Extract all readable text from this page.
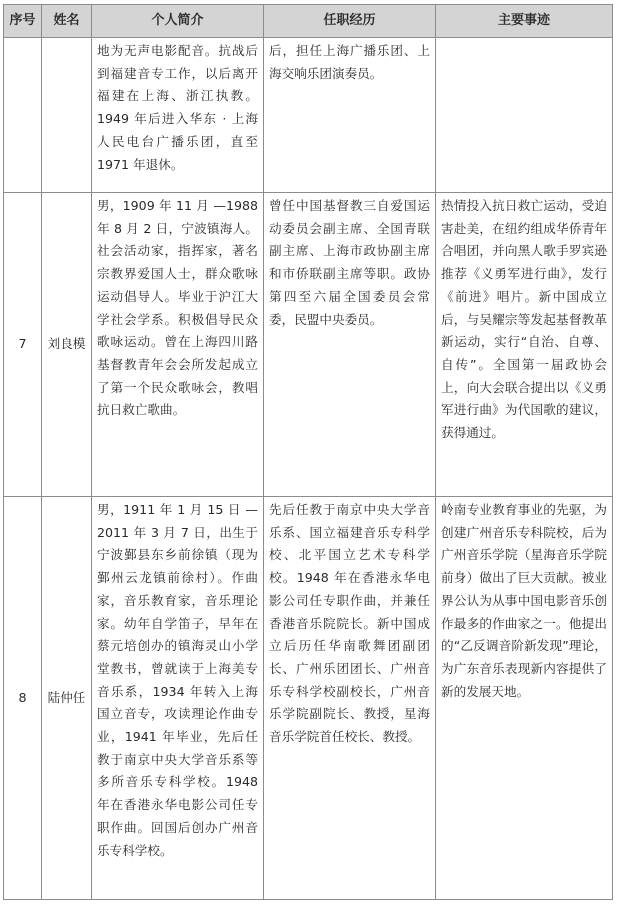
序号	姓名	个人简介	任职经历	主要事迹
		地为无声电影配音。抗战后到福建音专工作，以后离开福建在上海、浙江执教。1949 年后进入华东 · 上海人民电台广播乐团，直至 1971 年退休。	后，担任上海广播乐团、上海交响乐团演奏员。	
7	刘良模	男，1909 年 11 月 —1988 年 8 月 2 日，宁波镇海人。社会活动家，指挥家，著名宗教界爱国人士，群众歌咏运动倡导人。毕业于沪江大学社会学系。积极倡导民众歌咏运动。曾在上海四川路基督教青年会会所发起成立了第一个民众歌咏会，教唱抗日救亡歌曲。	曾任中国基督教三自爱国运动委员会副主席、全国青联副主席、上海市政协副主席和市侨联副主席等职。政协第四至六届全国委员会常委，民盟中央委员。	热情投入抗日救亡运动，受迫害赴美，在纽约组成华侨青年合唱团，并向黑人歌手罗宾逊推荐《义勇军进行曲》，发行《前进》唱片。新中国成立后，与吴耀宗等发起基督教革新运动，实行“自治、自尊、自传”。全国第一届政协会上，向大会联合提出以《义勇军进行曲》为代国歌的建议，获得通过。
8	陆仲任	男，1911 年 1 月 15 日 —2011 年 3 月 7 日，出生于宁波鄞县东乡前徐镇（现为鄞州云龙镇前徐村）。作曲家，音乐教育家，音乐理论家。幼年自学笛子，早年在蔡元培创办的镇海灵山小学堂教书，曾就读于上海美专音乐系，1934 年转入上海国立音专，攻读理论作曲专业，1941 年毕业，先后任教于南京中央大学音乐系等多所音乐专科学校。1948 年在香港永华电影公司任专职作曲。回国后创办广州音乐专科学校。	先后任教于南京中央大学音乐系、国立福建音乐专科学校、北平国立艺术专科学校。1948 年在香港永华电影公司任专职作曲，并兼任香港音乐院院长。新中国成立后历任华南歌舞团副团长、广州乐团团长、广州音乐专科学校副校长，广州音乐学院副院长、教授，星海音乐学院首任校长、教授。	岭南专业教育事业的先驱，为创建广州音乐专科院校，后为广州音乐学院（星海音乐学院前身）做出了巨大贡献。被业界公认为从事中国电影音乐创作最多的作曲家之一。他提出的“乙反调音阶新发现”理论，为广东音乐表现新内容提供了新的发展天地。
